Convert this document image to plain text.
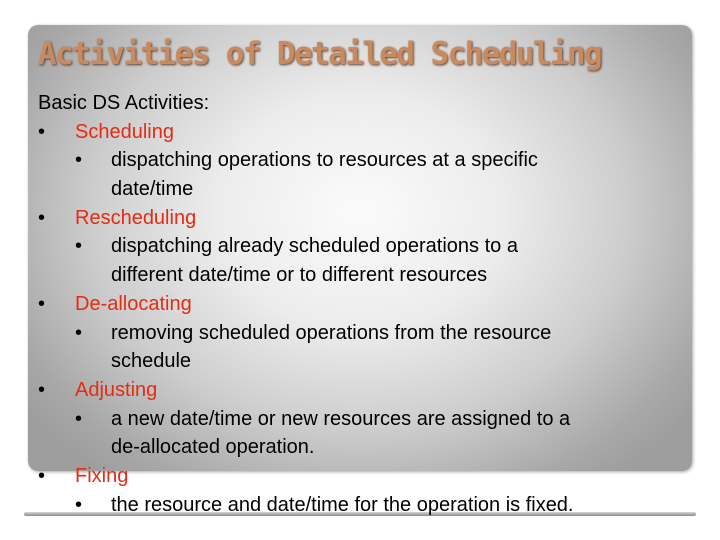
Activities of Detailed Scheduling
Basic DS Activities:
• Scheduling
• dispatching operations to resources at a specific
date/time
• Rescheduling
• dispatching already scheduled operations to a
different date/time or to different resources
• De-allocating
• removing scheduled operations from the resource
schedule
• Adjusting
• a new date/time or new resources are assigned to a
de-allocated operation.
• Fixing
• the resource and date/time for the operation is fixed.
